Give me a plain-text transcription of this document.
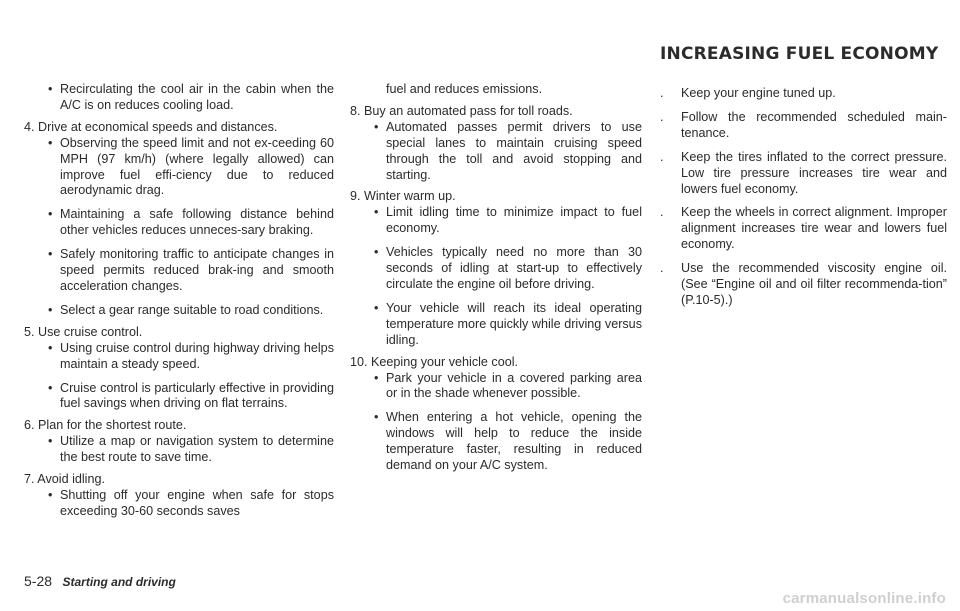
• Recirculating the cool air in the cabin when the A/C is on reduces cooling load.
4. Drive at economical speeds and distances.
• Observing the speed limit and not ex-ceeding 60 MPH (97 km/h) (where legally allowed) can improve fuel effi-ciency due to reduced aerodynamic drag.
• Maintaining a safe following distance behind other vehicles reduces unneces-sary braking.
• Safely monitoring traffic to anticipate changes in speed permits reduced brak-ing and smooth acceleration changes.
• Select a gear range suitable to road conditions.
5. Use cruise control.
• Using cruise control during highway driving helps maintain a steady speed.
• Cruise control is particularly effective in providing fuel savings when driving on flat terrains.
6. Plan for the shortest route.
• Utilize a map or navigation system to determine the best route to save time.
7. Avoid idling.
• Shutting off your engine when safe for stops exceeding 30-60 seconds saves
fuel and reduces emissions.
8. Buy an automated pass for toll roads.
• Automated passes permit drivers to use special lanes to maintain cruising speed through the toll and avoid stopping and starting.
9. Winter warm up.
• Limit idling time to minimize impact to fuel economy.
• Vehicles typically need no more than 30 seconds of idling at start-up to effectively circulate the engine oil before driving.
• Your vehicle will reach its ideal operating temperature more quickly while driving versus idling.
10. Keeping your vehicle cool.
• Park your vehicle in a covered parking area or in the shade whenever possible.
• When entering a hot vehicle, opening the windows will help to reduce the inside temperature faster, resulting in reduced demand on your A/C system.
INCREASING FUEL ECONOMY
. Keep your engine tuned up.
. Follow the recommended scheduled main-tenance.
. Keep the tires inflated to the correct pressure. Low tire pressure increases tire wear and lowers fuel economy.
. Keep the wheels in correct alignment. Improper alignment increases tire wear and lowers fuel economy.
. Use the recommended viscosity engine oil. (See “Engine oil and oil filter recommenda-tion” (P.10-5).)
5-28 Starting and driving
carmanualsonline.info
